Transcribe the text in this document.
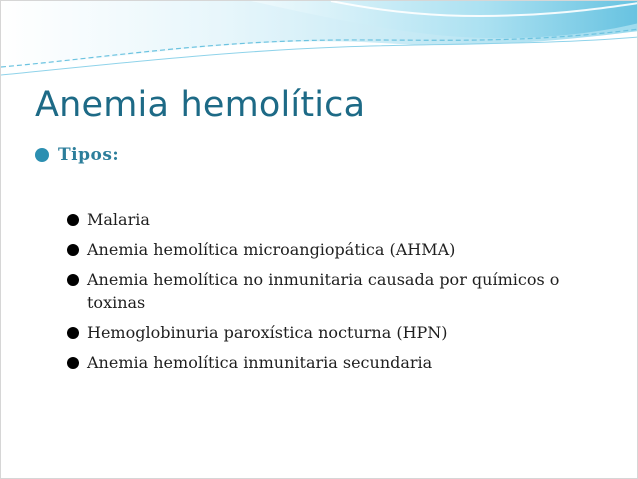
Anemia hemolítica
Tipos:
Malaria
Anemia hemolítica microangiopática (AHMA)
Anemia hemolítica no inmunitaria causada por químicos o toxinas
Hemoglobinuria paroxística nocturna (HPN)
Anemia hemolítica inmunitaria secundaria
